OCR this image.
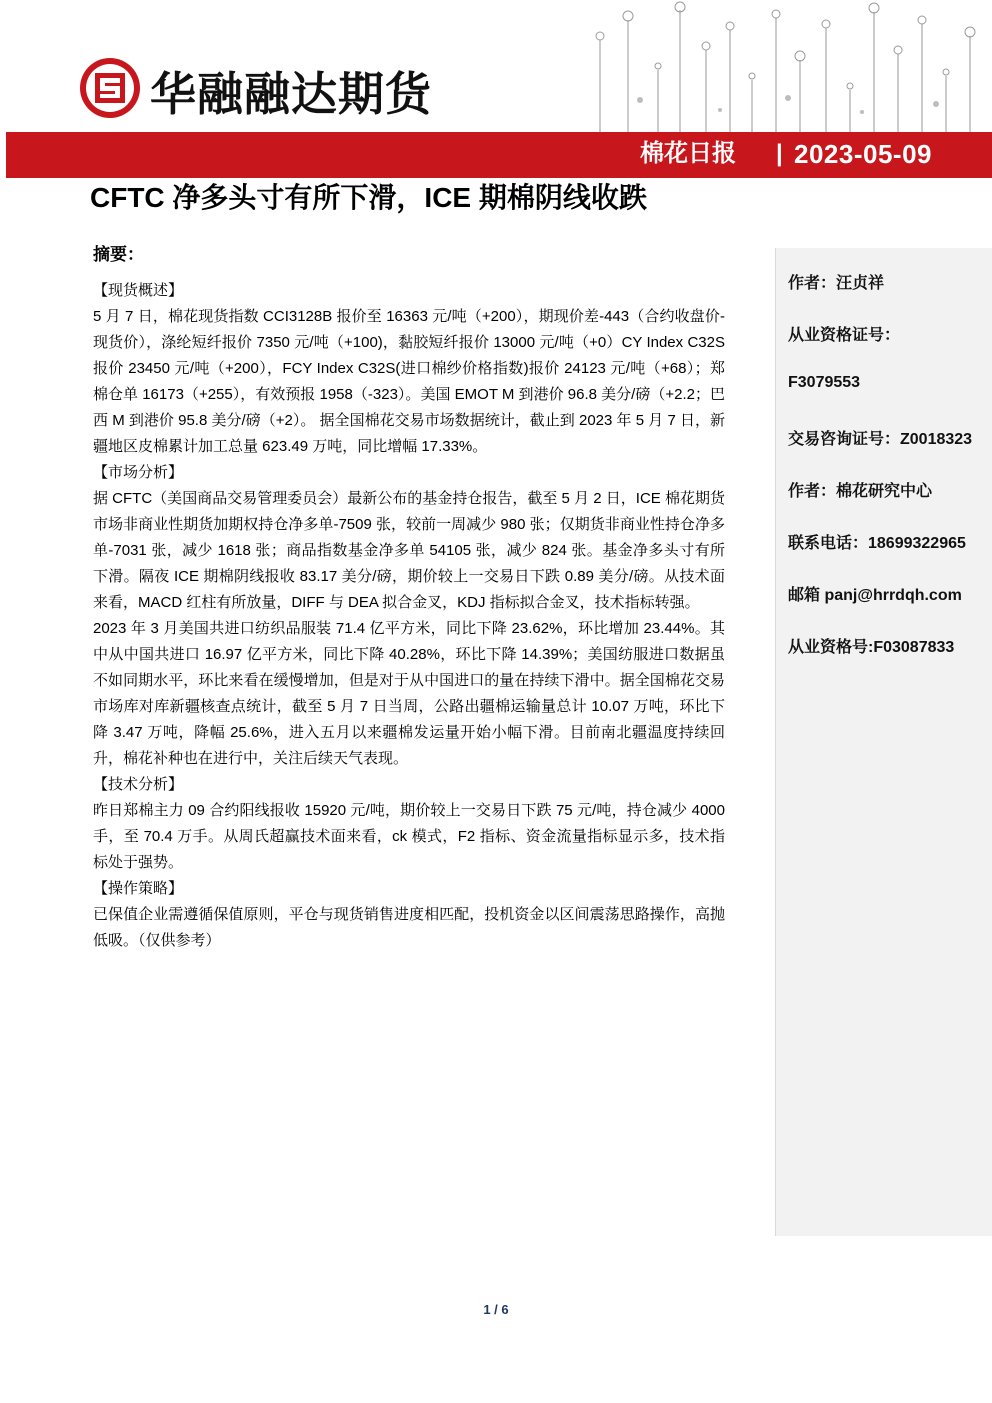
华融融达期货
棉花日报 | 2023-05-09
CFTC 净多头寸有所下滑，ICE 期棉阴线收跌
摘要：

【现货概述】

5 月 7 日，棉花现货指数 CCI3128B 报价至 16363 元/吨（+200），期现价差-443（合约收盘价-现货价），涤纶短纤报价 7350 元/吨（+100)，黏胶短纤报价 13000 元/吨（+0）CY Index C32S 报价 23450 元/吨（+200），FCY Index C32S(进口棉纱价格指数)报价 24123 元/吨（+68）；郑棉仓单 16173（+255），有效预报 1958（-323）。美国 EMOT M 到港价 96.8 美分/磅（+2.2；巴西 M 到港价 95.8 美分/磅（+2）。 据全国棉花交易市场数据统计，截止到 2023 年 5 月 7 日，新疆地区皮棉累计加工总量 623.49 万吨，同比增幅 17.33%。

【市场分析】

据 CFTC（美国商品交易管理委员会）最新公布的基金持仓报告，截至 5 月 2 日，ICE 棉花期货市场非商业性期货加期权持仓净多单-7509 张，较前一周减少 980 张；仅期货非商业性持仓净多单-7031 张，减少 1618 张；商品指数基金净多单 54105 张，减少 824 张。基金净多头寸有所下滑。隔夜 ICE 期棉阴线报收 83.17 美分/磅，期价较上一交易日下跌 0.89 美分/磅。从技术面来看，MACD 红柱有所放量，DIFF 与 DEA 拟合金叉，KDJ 指标拟合金叉，技术指标转强。

2023 年 3 月美国共进口纺织品服装 71.4 亿平方米，同比下降 23.62%，环比增加 23.44%。其中从中国共进口 16.97 亿平方米，同比下降 40.28%，环比下降 14.39%；美国纺服进口数据虽不如同期水平，环比来看在缓慢增加，但是对于从中国进口的量在持续下滑中。据全国棉花交易市场库对库新疆核查点统计，截至 5 月 7 日当周，公路出疆棉运输量总计 10.07 万吨，环比下降 3.47 万吨，降幅 25.6%，进入五月以来疆棉发运量开始小幅下滑。目前南北疆温度持续回升，棉花补种也在进行中，关注后续天气表现。

【技术分析】

昨日郑棉主力 09 合约阳线报收 15920 元/吨，期价较上一交易日下跌 75 元/吨，持仓减少 4000 手，至 70.4 万手。从周氏超赢技术面来看，ck 模式，F2 指标、资金流量指标显示多，技术指标处于强势。

【操作策略】

已保值企业需遵循保值原则，平仓与现货销售进度相匹配，投机资金以区间震荡思路操作，高抛低吸。（仅供参考）

作者：汪贞祥
从业资格证号：
F3079553
交易咨询证号：Z0018323
作者：棉花研究中心
联系电话：18699322965
邮箱 panj@hrrdqh.com
从业资格号:F03087833
1 / 6
